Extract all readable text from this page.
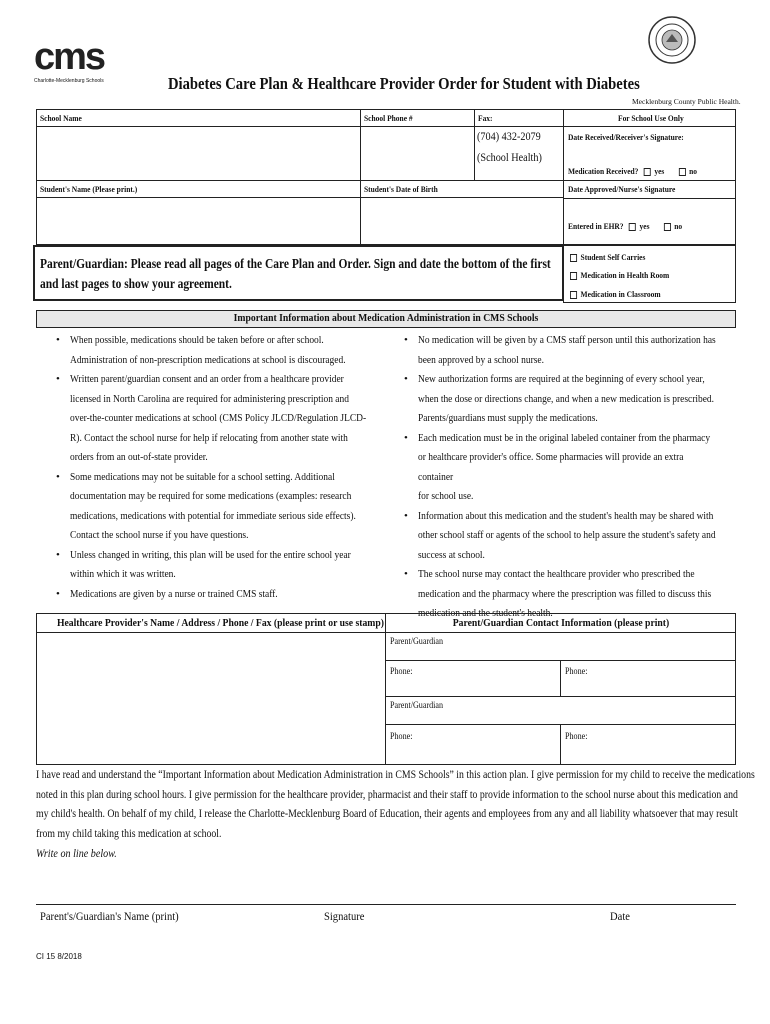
cms
Charlotte-Mecklenburg Schools	Diabetes Care Plan & Healthcare Provider Order for Student with Diabetes
Mecklenburg County Public Health.
School Name	School Phone #	Fax:
(704) 432-2079
(School Health)
For School Use Only
Date Received/Receiver's Signature:
Medication Received? yes	no
Student's Name (Please print.)	Student's Date of Birth	Date Approved/Nurse's Signature
Entered in EHR? yes	no
Parent/Guardian: Please read all pages of the Care Plan and Order. Sign and date the bottom of the first and last pages to show your agreement.
Student Self Carries
Medication in Health Room
Medication in Classroom
Important Information about Medication Administration in CMS Schools
• When possible, medications should be taken before or after school.
Administration of non-prescription medications at school is discouraged.
• Written parent/guardian consent and an order from a healthcare provider
licensed in North Carolina are required for administering prescription and
over-the-counter medications at school (CMS Policy JLCD/Regulation JLCD-
R). Contact the school nurse for help if relocating from another state with
orders from an out-of-state provider.
• Some medications may not be suitable for a school setting. Additional
documentation may be required for some medications (examples: research
medications, medications with potential for immediate serious side effects).
Contact the school nurse if you have questions.
• Unless changed in writing, this plan will be used for the entire school year
within which it was written.
• Medications are given by a nurse or trained CMS staff.
• No medication will be given by a CMS staff person until this authorization has
been approved by a school nurse.
• New authorization forms are required at the beginning of every school year,
when the dose or directions change, and when a new medication is prescribed.
Parents/guardians must supply the medications.
• Each medication must be in the original labeled container from the pharmacy
or healthcare provider's office. Some pharmacies will provide an extra container
for school use.
• Information about this medication and the student's health may be shared with
other school staff or agents of the school to help assure the student's safety and
success at school.
• The school nurse may contact the healthcare provider who prescribed the
medication and the pharmacy where the prescription was filled to discuss this
medication and the student's health.
Healthcare Provider's Name / Address / Phone / Fax (please print or use stamp)	Parent/Guardian Contact Information (please print)
Parent/Guardian
Phone:	Phone:
Parent/Guardian
Phone:	Phone:
I have read and understand the “Important Information about Medication Administration in CMS Schools” in this action plan. I give permission for my child to receive the medications
noted in this plan during school hours. I give permission for the healthcare provider, pharmacist and their staff to provide information to the school nurse about this medication and
my child's health. On behalf of my child, I release the Charlotte-Mecklenburg Board of Education, their agents and employees from any and all liability whatsoever that may result
from my child taking this medication at school.
Write on line below.
Parent's/Guardian's Name (print)	Signature	Date
CI 15 8/2018
